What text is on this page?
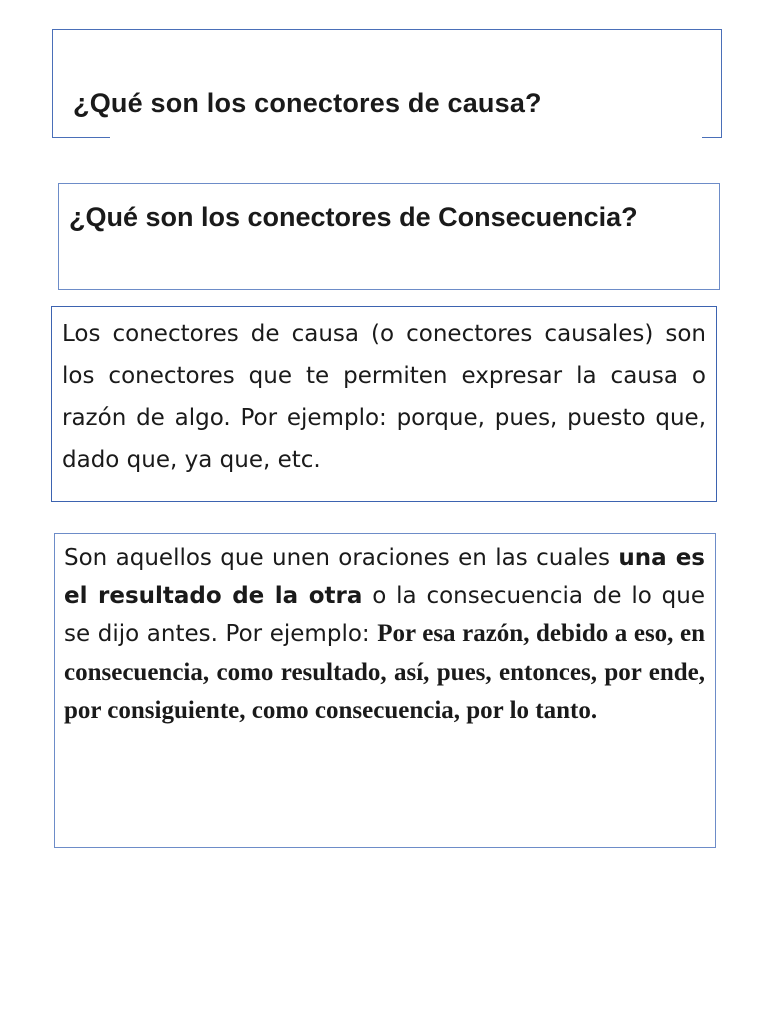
¿Qué son los conectores de causa?
¿Qué son los conectores de Consecuencia?

Los conectores de causa (o conectores causales) son los conectores que te permiten expresar la causa o razón de algo. Por ejemplo: porque, pues, puesto que, dado que, ya que, etc.

Son aquellos que unen oraciones en las cuales una es el resultado de la otra o la consecuencia de lo que se dijo antes. Por ejemplo: Por esa razón, debido a eso, en consecuencia, como resultado, así, pues, entonces, por ende, por consiguiente, como consecuencia, por lo tanto.
